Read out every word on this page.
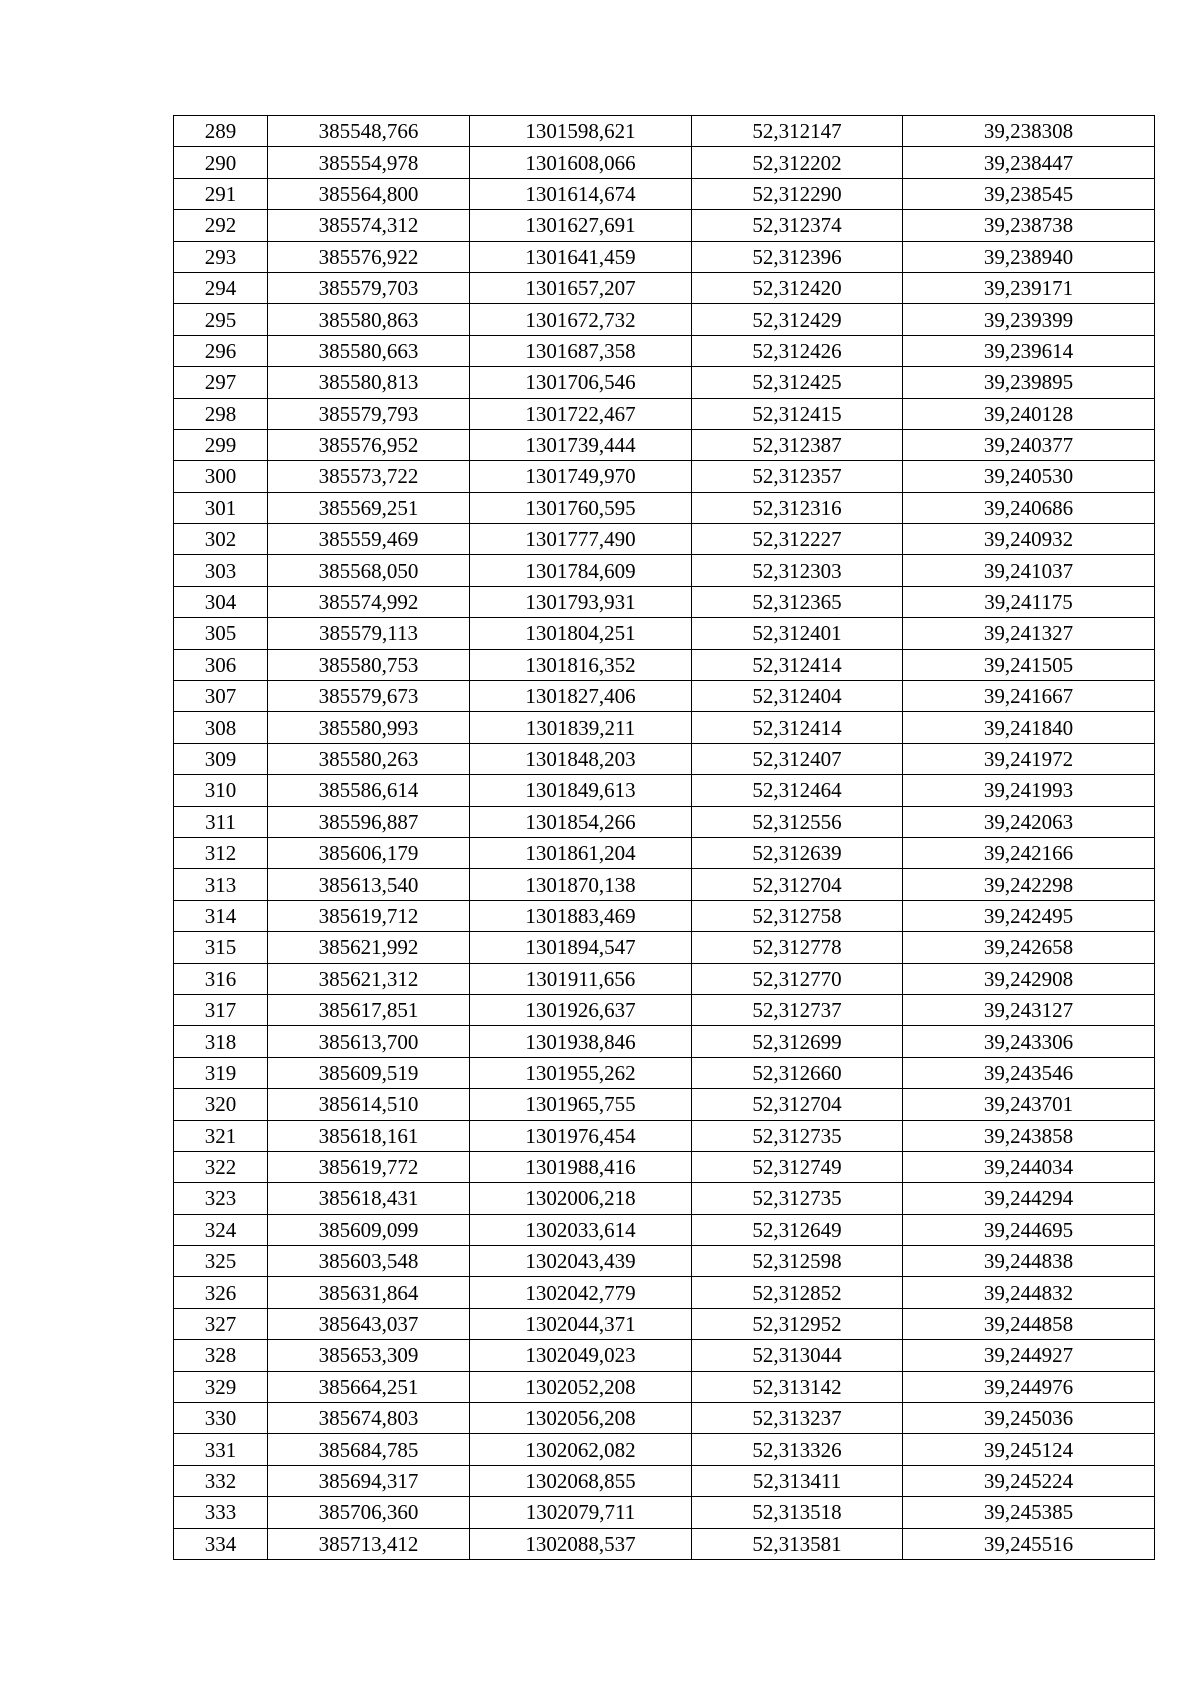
289	385548,766	1301598,621	52,312147	39,238308
290	385554,978	1301608,066	52,312202	39,238447
291	385564,800	1301614,674	52,312290	39,238545
292	385574,312	1301627,691	52,312374	39,238738
293	385576,922	1301641,459	52,312396	39,238940
294	385579,703	1301657,207	52,312420	39,239171
295	385580,863	1301672,732	52,312429	39,239399
296	385580,663	1301687,358	52,312426	39,239614
297	385580,813	1301706,546	52,312425	39,239895
298	385579,793	1301722,467	52,312415	39,240128
299	385576,952	1301739,444	52,312387	39,240377
300	385573,722	1301749,970	52,312357	39,240530
301	385569,251	1301760,595	52,312316	39,240686
302	385559,469	1301777,490	52,312227	39,240932
303	385568,050	1301784,609	52,312303	39,241037
304	385574,992	1301793,931	52,312365	39,241175
305	385579,113	1301804,251	52,312401	39,241327
306	385580,753	1301816,352	52,312414	39,241505
307	385579,673	1301827,406	52,312404	39,241667
308	385580,993	1301839,211	52,312414	39,241840
309	385580,263	1301848,203	52,312407	39,241972
310	385586,614	1301849,613	52,312464	39,241993
311	385596,887	1301854,266	52,312556	39,242063
312	385606,179	1301861,204	52,312639	39,242166
313	385613,540	1301870,138	52,312704	39,242298
314	385619,712	1301883,469	52,312758	39,242495
315	385621,992	1301894,547	52,312778	39,242658
316	385621,312	1301911,656	52,312770	39,242908
317	385617,851	1301926,637	52,312737	39,243127
318	385613,700	1301938,846	52,312699	39,243306
319	385609,519	1301955,262	52,312660	39,243546
320	385614,510	1301965,755	52,312704	39,243701
321	385618,161	1301976,454	52,312735	39,243858
322	385619,772	1301988,416	52,312749	39,244034
323	385618,431	1302006,218	52,312735	39,244294
324	385609,099	1302033,614	52,312649	39,244695
325	385603,548	1302043,439	52,312598	39,244838
326	385631,864	1302042,779	52,312852	39,244832
327	385643,037	1302044,371	52,312952	39,244858
328	385653,309	1302049,023	52,313044	39,244927
329	385664,251	1302052,208	52,313142	39,244976
330	385674,803	1302056,208	52,313237	39,245036
331	385684,785	1302062,082	52,313326	39,245124
332	385694,317	1302068,855	52,313411	39,245224
333	385706,360	1302079,711	52,313518	39,245385
334	385713,412	1302088,537	52,313581	39,245516
